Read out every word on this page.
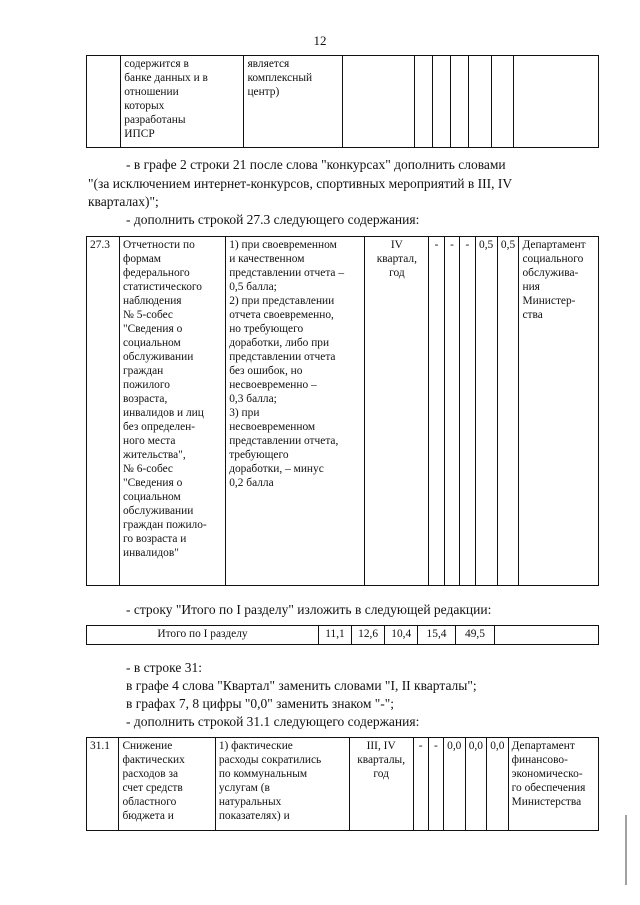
12
	содержится в
банке данных и в
отношении
которых
разработаны
ИПСР	является
комплексный
центр)							
- в графе 2 строки 21 после слова "конкурсах" дополнить словами
"(за исключением интернет-конкурсов, спортивных мероприятий в III, IV
кварталах)";
- дополнить строкой 27.3 следующего содержания:
27.3	Отчетности по
формам
федерального
статистического
наблюдения
№ 5-собес
"Сведения о
социальном
обслуживании
граждан
пожилого
возраста,
инвалидов и лиц
без определен-
ного места
жительства",
№ 6-собес
"Сведения о
социальном
обслуживании
граждан пожило-
го возраста и
инвалидов"	1) при своевременном
и качественном
представлении отчета –
0,5 балла;
2) при представлении
отчета своевременно,
но требующего
доработки, либо при
представлении отчета
без ошибок, но
несвоевременно –
0,3 балла;
3) при
несвоевременном
представлении отчета,
требующего
доработки, – минус
0,2 балла	IV
квартал,
год	-	-	-	0,5	0,5	Департамент
социального
обслужива-
ния
Министер-
ства
- строку "Итого по I разделу" изложить в следующей редакции:
Итого по I разделу	11,1	12,6	10,4	15,4	49,5	
- в строке 31:
в графе 4 слова "Квартал" заменить словами "I, II кварталы";
в графах 7, 8 цифры "0,0" заменить знаком "-";
- дополнить строкой 31.1 следующего содержания:
31.1	Снижение
фактических
расходов за
счет средств
областного
бюджета и	1) фактические
расходы сократились
по коммунальным
услугам (в
натуральных
показателях) и	III, IV
кварталы,
год	-	-	0,0	0,0	0,0	Департамент
финансово-
экономическо-
го обеспечения
Министерства
